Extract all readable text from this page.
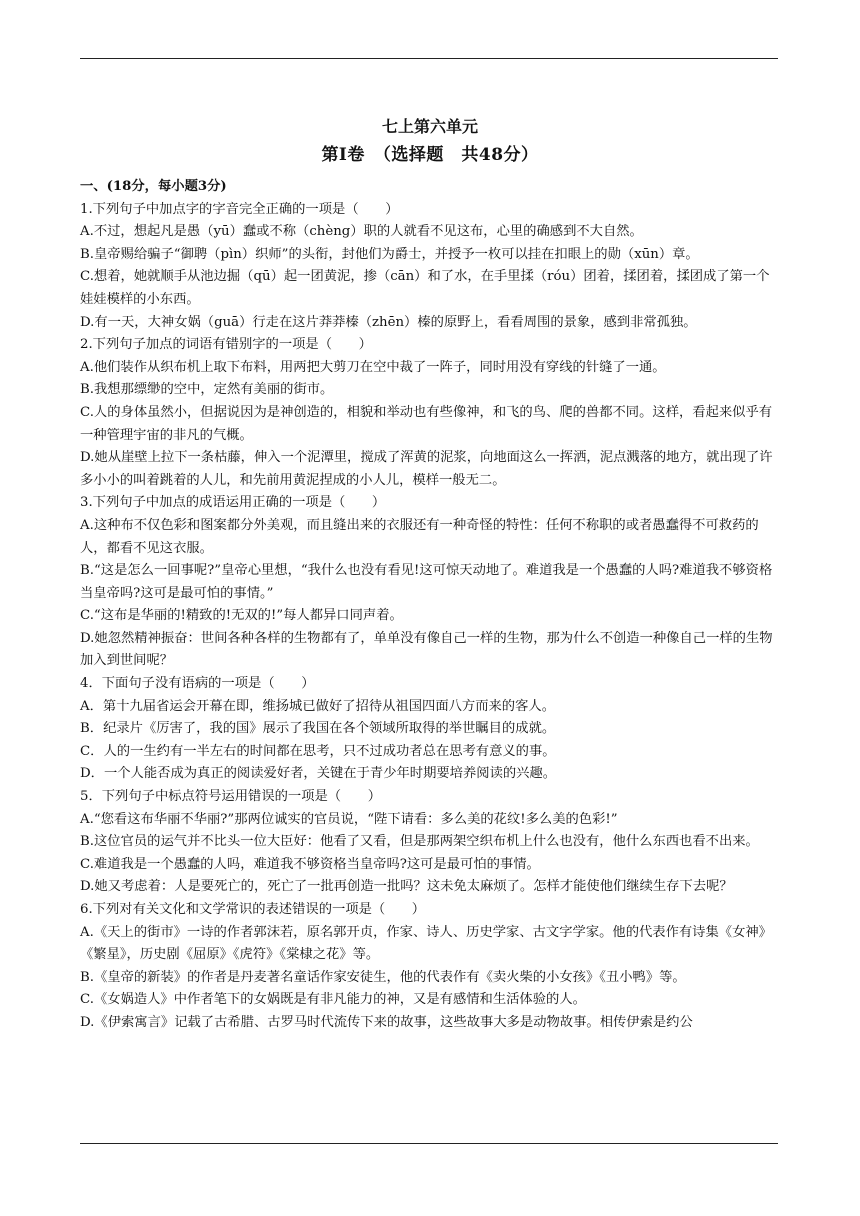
七上第六单元
第Ⅰ卷　（选择题　共48分）
一、(18分，每小题3分)

1.下列句子中加点字的字音完全正确的一项是（　　）

A.不过，想起凡是愚（yū）蠢或不称（chèng）职的人就看不见这布，心里的确感到不大自然。

B.皇帝赐给骗子“御聘（pìn）织师”的头衔，封他们为爵士，并授予一枚可以挂在扣眼上的勋（xūn）章。

C.想着，她就顺手从池边掘（qū）起一团黄泥，掺（cān）和了水，在手里揉（róu）团着，揉团着，揉团成了第一个娃娃模样的小东西。

D.有一天，大神女娲（guā）行走在这片莽莽榛（zhēn）榛的原野上，看看周围的景象，感到非常孤独。

2.下列句子加点的词语有错别字的一项是（　　）

A.他们装作从织布机上取下布料，用两把大剪刀在空中裁了一阵子，同时用没有穿线的针缝了一通。

B.我想那缥缈的空中，定然有美丽的街市。

C.人的身体虽然小，但据说因为是神创造的，相貌和举动也有些像神，和飞的鸟、爬的兽都不同。这样，看起来似乎有一种管理宇宙的非凡的气概。

D.她从崖壁上拉下一条枯藤，伸入一个泥潭里，搅成了浑黄的泥浆，向地面这么一挥洒，泥点溅落的地方，就出现了许多小小的叫着跳着的人儿，和先前用黄泥捏成的小人儿，模样一般无二。

3.下列句子中加点的成语运用正确的一项是（　　）

A.这种布不仅色彩和图案都分外美观，而且缝出来的衣服还有一种奇怪的特性：任何不称职的或者愚蠢得不可救药的人，都看不见这衣服。

B.“这是怎么一回事呢?”皇帝心里想，“我什么也没有看见!这可惊天动地了。难道我是一个愚蠢的人吗?难道我不够资格当皇帝吗?这可是最可怕的事情。”

C.“这布是华丽的!精致的!无双的!”每人都异口同声着。

D.她忽然精神振奋：世间各种各样的生物都有了，单单没有像自己一样的生物，那为什么不创造一种像自己一样的生物加入到世间呢？

4．下面句子没有语病的一项是（　　）

A．第十九届省运会开幕在即，维扬城已做好了招待从祖国四面八方而来的客人。

B．纪录片《厉害了，我的国》展示了我国在各个领域所取得的举世瞩目的成就。

C．人的一生约有一半左右的时间都在思考，只不过成功者总在思考有意义的事。

D．一个人能否成为真正的阅读爱好者，关键在于青少年时期要培养阅读的兴趣。

5．下列句子中标点符号运用错误的一项是（　　）

A.“您看这布华丽不华丽?”那两位诚实的官员说，“陛下请看：多么美的花纹!多么美的色彩!”

B.这位官员的运气并不比头一位大臣好：他看了又看，但是那两架空织布机上什么也没有，他什么东西也看不出来。

C.难道我是一个愚蠢的人吗，难道我不够资格当皇帝吗?这可是最可怕的事情。

D.她又考虑着：人是要死亡的，死亡了一批再创造一批吗？这未免太麻烦了。怎样才能使他们继续生存下去呢？

6.下列对有关文化和文学常识的表述错误的一项是（　　）

A.《天上的街市》一诗的作者郭沫若，原名郭开贞，作家、诗人、历史学家、古文字学家。他的代表作有诗集《女神》《繁星》，历史剧《屈原》《虎符》《棠棣之花》等。

B.《皇帝的新装》的作者是丹麦著名童话作家安徒生，他的代表作有《卖火柴的小女孩》《丑小鸭》等。

C.《女娲造人》中作者笔下的女娲既是有非凡能力的神，又是有感情和生活体验的人。

D.《伊索寓言》记载了古希腊、古罗马时代流传下来的故事，这些故事大多是动物故事。相传伊索是约公
